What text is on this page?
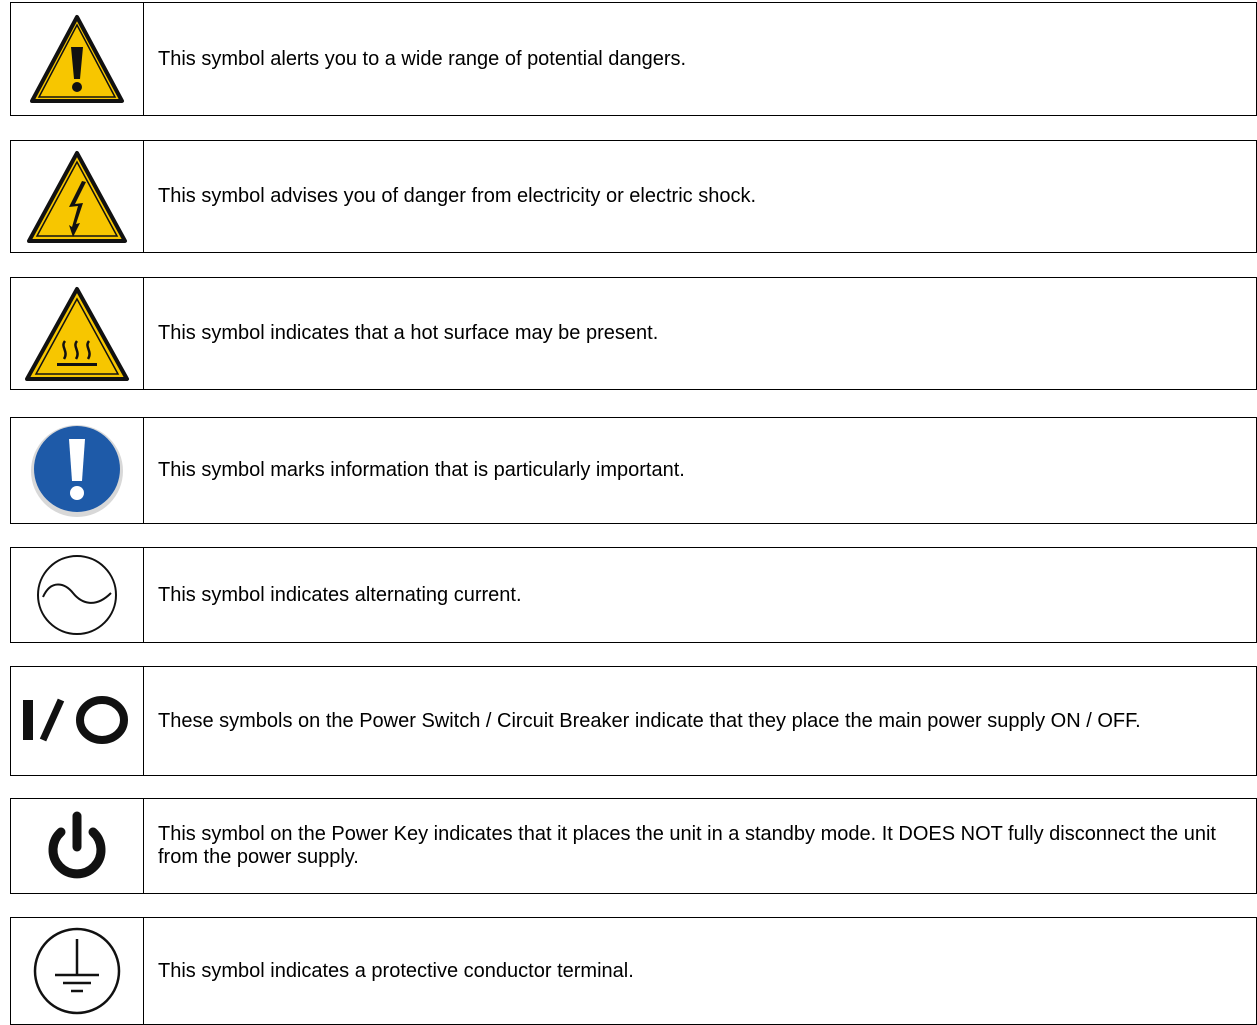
This symbol alerts you to a wide range of potential dangers.
This symbol advises you of danger from electricity or electric shock.
This symbol indicates that a hot surface may be present.
This symbol marks information that is particularly important.
This symbol indicates alternating current.
These symbols on the Power Switch / Circuit Breaker indicate that they place the main power supply ON / OFF.
This symbol on the Power Key indicates that it places the unit in a standby mode. It DOES NOT fully disconnect the unit from the power supply.
This symbol indicates a protective conductor terminal.
